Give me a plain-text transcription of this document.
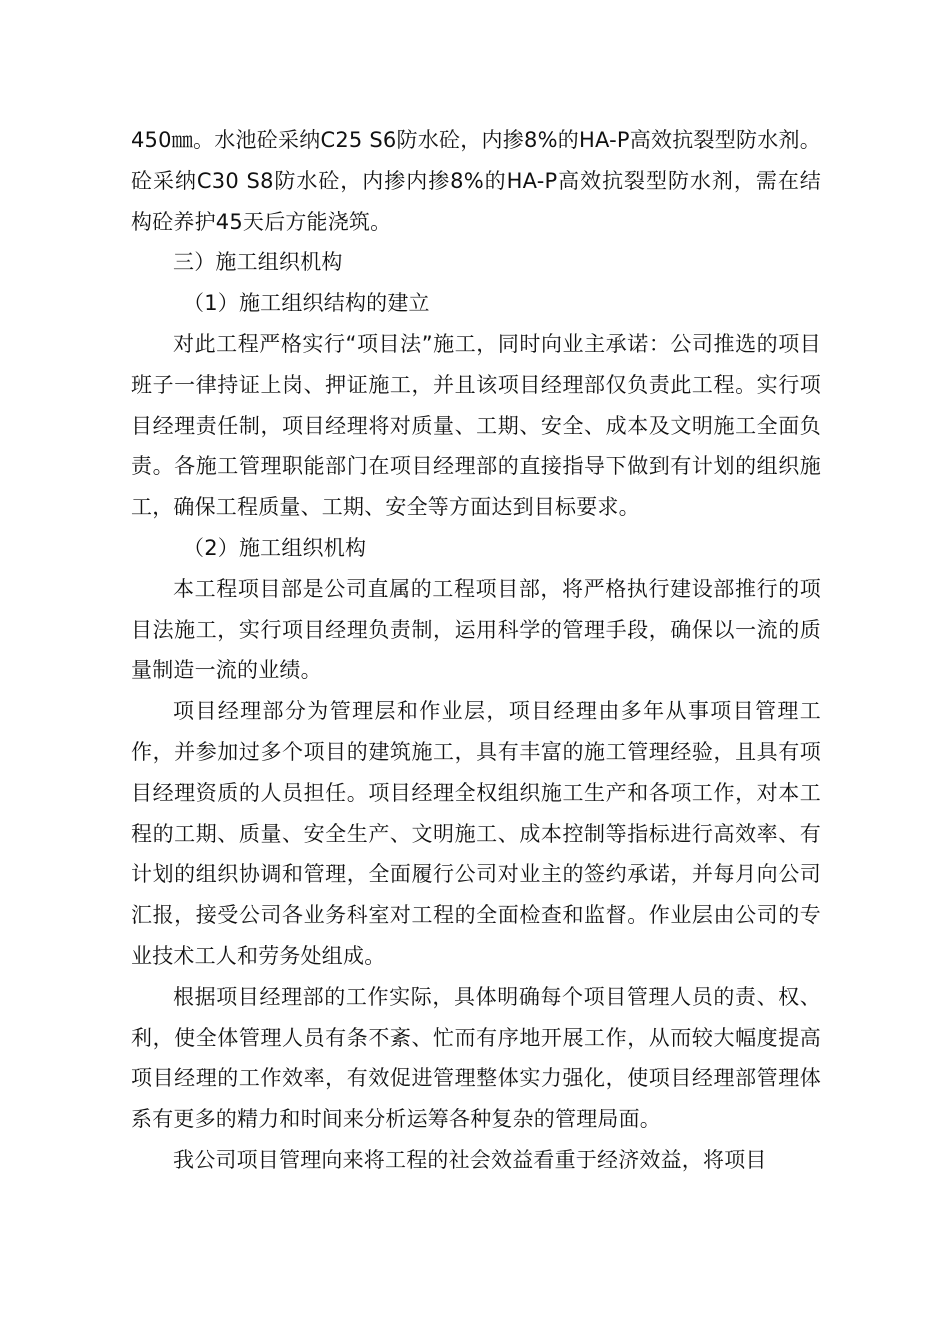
450㎜。水池砼采纳C25 S6防水砼，内掺8%的HA-P高效抗裂型防水剂。砼采纳C30 S8防水砼，内掺内掺8%的HA-P高效抗裂型防水剂，需在结构砼养护45天后方能浇筑。

三）施工组织机构

（1）施工组织结构的建立

对此工程严格实行“项目法”施工，同时向业主承诺：公司推选的项目班子一律持证上岗、押证施工，并且该项目经理部仅负责此工程。实行项目经理责任制，项目经理将对质量、工期、安全、成本及文明施工全面负责。各施工管理职能部门在项目经理部的直接指导下做到有计划的组织施工，确保工程质量、工期、安全等方面达到目标要求。

（2）施工组织机构

本工程项目部是公司直属的工程项目部，将严格执行建设部推行的项目法施工，实行项目经理负责制，运用科学的管理手段，确保以一流的质量制造一流的业绩。

项目经理部分为管理层和作业层，项目经理由多年从事项目管理工作，并参加过多个项目的建筑施工，具有丰富的施工管理经验，且具有项目经理资质的人员担任。项目经理全权组织施工生产和各项工作，对本工程的工期、质量、安全生产、文明施工、成本控制等指标进行高效率、有计划的组织协调和管理，全面履行公司对业主的签约承诺，并每月向公司汇报，接受公司各业务科室对工程的全面检查和监督。作业层由公司的专业技术工人和劳务处组成。

根据项目经理部的工作实际，具体明确每个项目管理人员的责、权、利，使全体管理人员有条不紊、忙而有序地开展工作，从而较大幅度提高项目经理的工作效率，有效促进管理整体实力强化，使项目经理部管理体系有更多的精力和时间来分析运筹各种复杂的管理局面。

我公司项目管理向来将工程的社会效益看重于经济效益，将项目
